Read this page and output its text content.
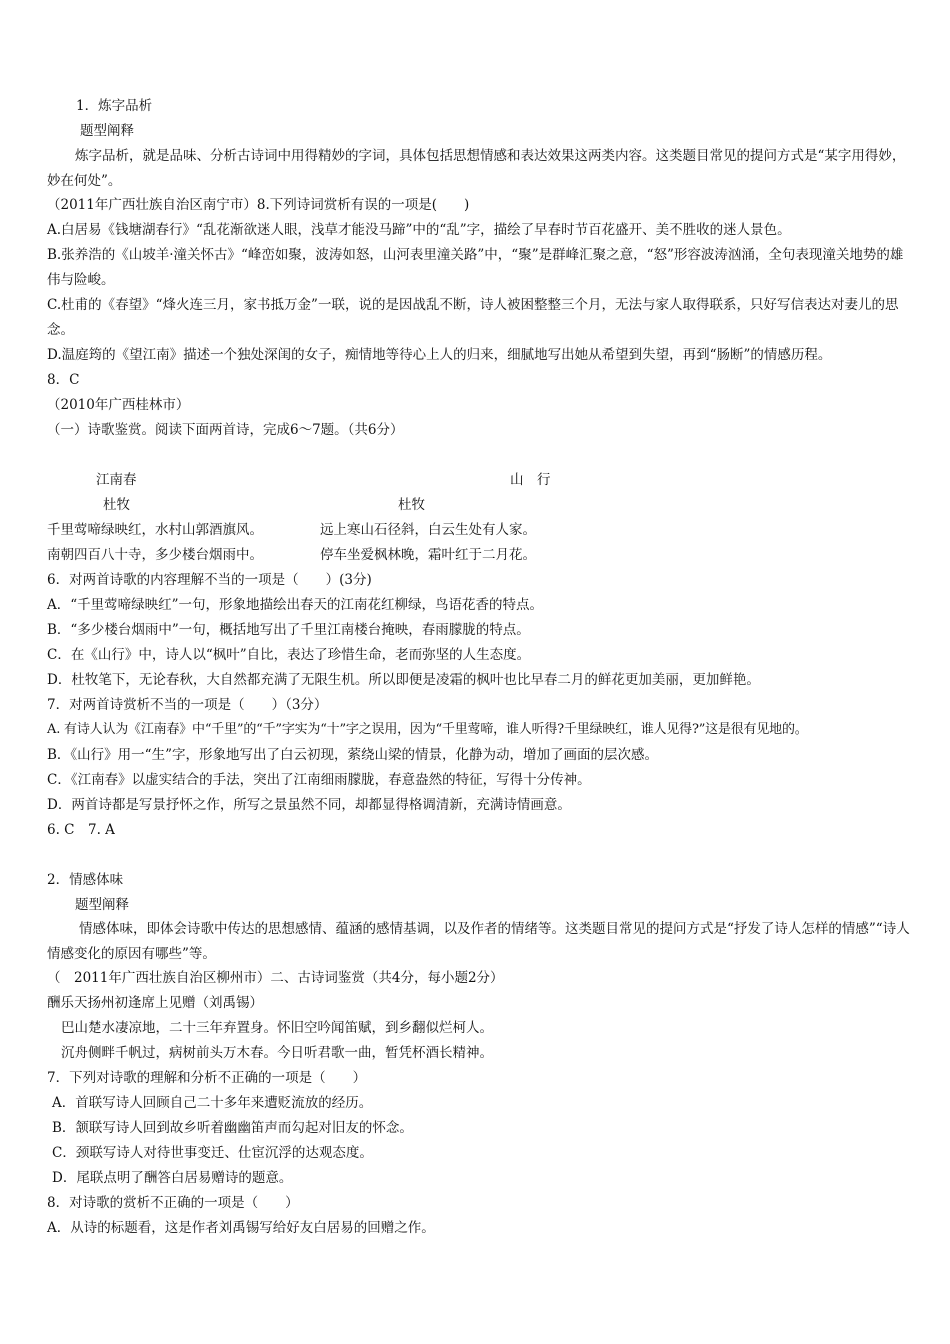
1．炼字品析
题型阐释
炼字品析，就是品味、分析古诗词中用得精妙的字词，具体包括思想情感和表达效果这两类内容。这类题目常见的提问方式是“某字用得妙，妙在何处”。
（2011年广西壮族自治区南宁市）8.下列诗词赏析有误的一项是(　　)
A.白居易《钱塘湖春行》“乱花渐欲迷人眼，浅草才能没马蹄”中的“乱”字，描绘了早春时节百花盛开、美不胜收的迷人景色。
B.张养浩的《山坡羊·潼关怀古》“峰峦如聚，波涛如怒，山河表里潼关路”中，“聚”是群峰汇聚之意，“怒”形容波涛汹涌，全句表现潼关地势的雄伟与险峻。
C.杜甫的《春望》“烽火连三月，家书抵万金”一联，说的是因战乱不断，诗人被困整整三个月，无法与家人取得联系，只好写信表达对妻儿的思念。
D.温庭筠的《望江南》描述一个独处深闺的女子，痴情地等待心上人的归来，细腻地写出她从希望到失望，再到“肠断”的情感历程。
8．C
（2010年广西桂林市）
（一）诗歌鉴赏。阅读下面两首诗，完成6～7题。（共6分）
江南春	山　行
杜牧	杜牧
千里莺啼绿映红，水村山郭酒旗风。	远上寒山石径斜，白云生处有人家。
南朝四百八十寺，多少楼台烟雨中。	停车坐爱枫林晚，霜叶红于二月花。
6．对两首诗歌的内容理解不当的一项是（　　）(3分)
A．“千里莺啼绿映红”一句，形象地描绘出春天的江南花红柳绿，鸟语花香的特点。
B．“多少楼台烟雨中”一句，概括地写出了千里江南楼台掩映，春雨朦胧的特点。
C．在《山行》中，诗人以“枫叶”自比，表达了珍惜生命，老而弥坚的人生态度。
D．杜牧笔下，无论春秋，大自然都充满了无限生机。所以即便是凌霜的枫叶也比早春二月的鲜花更加美丽，更加鲜艳。
7．对两首诗赏析不当的一项是（　　）（3分）
A. 有诗人认为《江南春》中“千里”的“千”字实为“十”字之误用，因为“千里莺啼，谁人听得?千里绿映红，谁人见得?”这是很有见地的。
B．《山行》用一“生”字，形象地写出了白云初现，萦绕山梁的情景，化静为动，增加了画面的层次感。
C．《江南春》以虚实结合的手法，突出了江南细雨朦胧，春意盎然的特征，写得十分传神。
D．两首诗都是写景抒怀之作，所写之景虽然不同，却都显得格调清新，充满诗情画意。
6. C　7. A
2．情感体味
题型阐释
情感体味，即体会诗歌中传达的思想感情、蕴涵的感情基调，以及作者的情绪等。这类题目常见的提问方式是“抒发了诗人怎样的情感”“诗人情感变化的原因有哪些”等。
（　2011年广西壮族自治区柳州市）二、古诗词鉴赏（共4分，每小题2分）
酬乐天扬州初逢席上见赠（刘禹锡）
巴山楚水凄凉地，二十三年弃置身。怀旧空吟闻笛赋，到乡翻似烂柯人。
沉舟侧畔千帆过，病树前头万木春。今日听君歌一曲，暂凭杯酒长精神。
7．下列对诗歌的理解和分析不正确的一项是（　　）
A．首联写诗人回顾自己二十多年来遭贬流放的经历。
B．颔联写诗人回到故乡听着幽幽笛声而勾起对旧友的怀念。
C．颈联写诗人对待世事变迁、仕宦沉浮的达观态度。
D．尾联点明了酬答白居易赠诗的题意。
8．对诗歌的赏析不正确的一项是（　　）
A．从诗的标题看，这是作者刘禹锡写给好友白居易的回赠之作。
